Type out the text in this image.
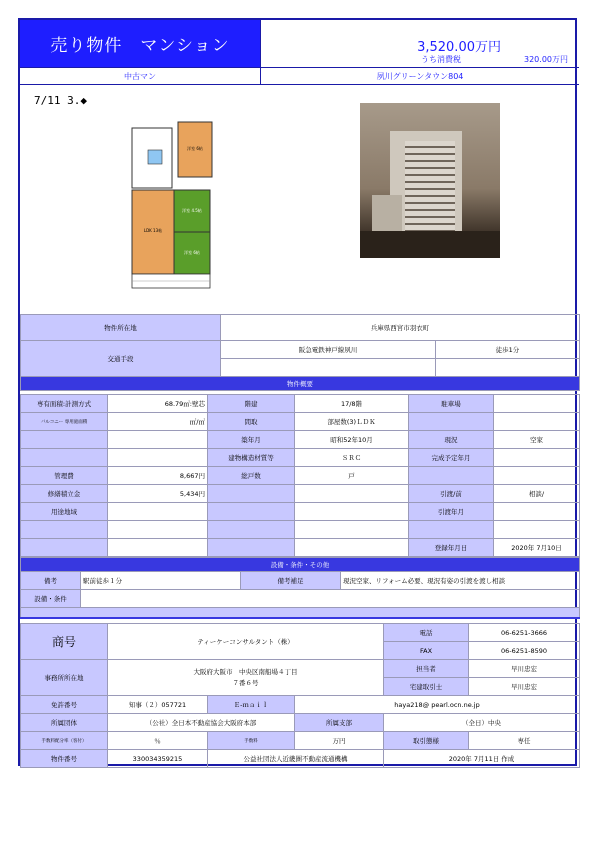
売り物件　マンション	3,520.00万円
うち消費税	320.00万円
中古マン	夙川グリーンタウン804
7/11 3.◆
洋室 6帖
洋室 4.5帖
洋室 6帖
LDK 13帖
物件所在地	兵庫県西宮市羽衣町	
交通手段	阪急電鉄神戸線夙川	徒歩1分

物件概要		
専有面積:計測方式	68.79㎡:壁芯	階建	17/8階	駐車場	
バルコニー 専用庭面積	㎡/㎡	間取	部屋数(3)ＬＤＫ		
		築年月	昭和52年10月	現況	空家
		建物構造材質等	ＳＲＣ	完成予定年月	
管理費	8,667円	総戸数	戸		
修繕積立金	5,434円			引渡/前	相談/
用途地域				引渡年月	

				登録年月日	2020年 7月10日
設備・条件・その他			
備考	駅前徒歩１分	備考補足	現況空家、リフォーム必要、現況有姿の引渡を渡し相談
設備・条件			

商号	ティーケーコンサルタント（株）			電話	06-6251-3666
				FAX	06-6251-8590
事務所所在地	大阪府大阪市　中央区南船場４丁目
７番６号			担当者	早川忠宏
				宅建取引士	早川忠宏
免許番号	知事（２）057721	Ｅ-ｍａｉｌ	haya218@ pearl.ocn.ne.jp		
所属団体	（公社）全日本不動産協会大阪府本部		所属支部	（全日）中央	
手数料配分率（客付）	％	手数料	万円	取引態様	専任
物件番号	330034359215	公益社団法人近畿圏不動産流通機構		2020年 7月11日 作成	
